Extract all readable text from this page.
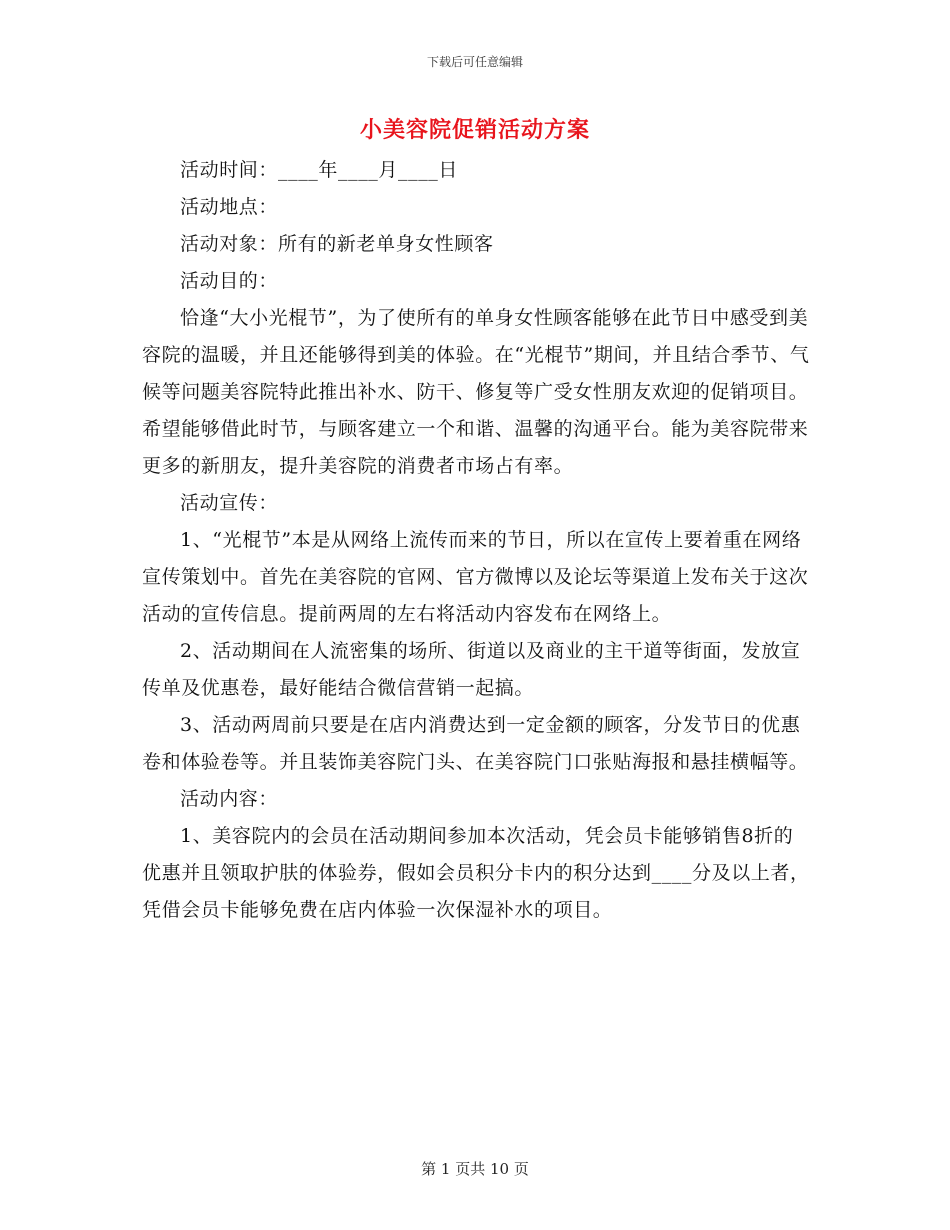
下载后可任意编辑
小美容院促销活动方案

活动时间：____年____月____日

活动地点：

活动对象：所有的新老单身女性顾客

活动目的：

恰逢“大小光棍节”，为了使所有的单身女性顾客能够在此节日中感受到美容院的温暖，并且还能够得到美的体验。在“光棍节”期间，并且结合季节、气候等问题美容院特此推出补水、防干、修复等广受女性朋友欢迎的促销项目。希望能够借此时节，与顾客建立一个和谐、温馨的沟通平台。能为美容院带来更多的新朋友，提升美容院的消费者市场占有率。

活动宣传：

1、“光棍节”本是从网络上流传而来的节日，所以在宣传上要着重在网络宣传策划中。首先在美容院的官网、官方微博以及论坛等渠道上发布关于这次活动的宣传信息。提前两周的左右将活动内容发布在网络上。

2、活动期间在人流密集的场所、街道以及商业的主干道等街面，发放宣传单及优惠卷，最好能结合微信营销一起搞。

3、活动两周前只要是在店内消费达到一定金额的顾客，分发节日的优惠卷和体验卷等。并且装饰美容院门头、在美容院门口张贴海报和悬挂横幅等。

活动内容：

1、美容院内的会员在活动期间参加本次活动，凭会员卡能够销售8折的优惠并且领取护肤的体验券，假如会员积分卡内的积分达到____分及以上者，凭借会员卡能够免费在店内体验一次保湿补水的项目。

第 1 页共 10 页
